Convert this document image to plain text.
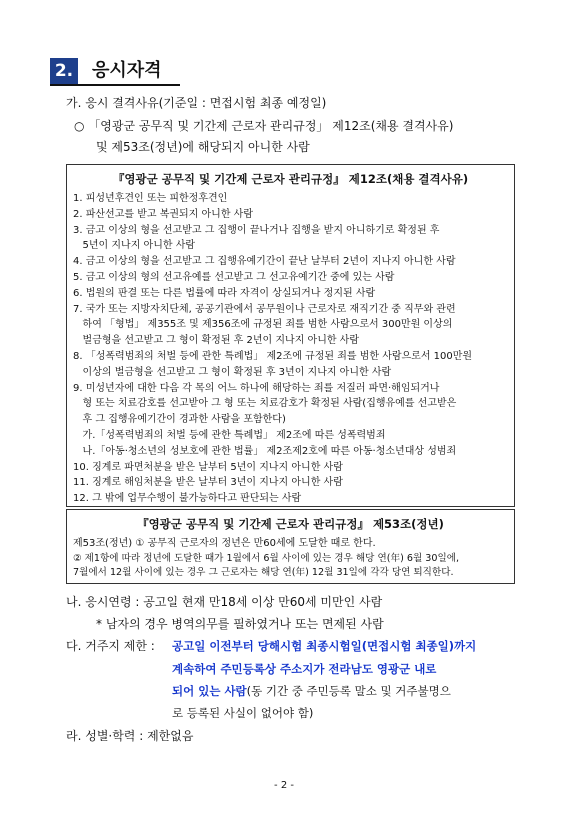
2. 응시자격
가. 응시 결격사유(기준일 : 면접시험 최종 예정일)
○ 「영광군 공무직 및 기간제 근로자 관리규정」 제12조(채용 결격사유)
및 제53조(정년)에 해당되지 아니한 사람
『영광군 공무직 및 기간제 근로자 관리규정』 제12조(채용 결격사유)
1. 피성년후견인 또는 피한정후견인
2. 파산선고를 받고 복권되지 아니한 사람
3. 금고 이상의 형을 선고받고 그 집행이 끝나거나 집행을 받지 아니하기로 확정된 후
5년이 지나지 아니한 사람
4. 금고 이상의 형을 선고받고 그 집행유예기간이 끝난 날부터 2년이 지나지 아니한 사람
5. 금고 이상의 형의 선고유예를 선고받고 그 선고유예기간 중에 있는 사람
6. 법원의 판결 또는 다른 법률에 따라 자격이 상실되거나 정지된 사람
7. 국가 또는 지방자치단체, 공공기관에서 공무원이나 근로자로 재직기간 중 직무와 관련
하여 「형법」 제355조 및 제356조에 규정된 죄를 범한 사람으로서 300만원 이상의
벌금형을 선고받고 그 형이 확정된 후 2년이 지나지 아니한 사람
8. 「성폭력범죄의 처벌 등에 관한 특례법」 제2조에 규정된 죄를 범한 사람으로서 100만원
이상의 벌금형을 선고받고 그 형이 확정된 후 3년이 지나지 아니한 사람
9. 미성년자에 대한 다음 각 목의 어느 하나에 해당하는 죄를 저질러 파면·해임되거나
형 또는 치료감호를 선고받아 그 형 또는 치료감호가 확정된 사람(집행유예를 선고받은
후 그 집행유예기간이 경과한 사람을 포함한다)
가.「성폭력범죄의 처벌 등에 관한 특례법」 제2조에 따른 성폭력범죄
나.「아동·청소년의 성보호에 관한 법률」 제2조제2호에 따른 아동·청소년대상 성범죄
10. 징계로 파면처분을 받은 날부터 5년이 지나지 아니한 사람
11. 징계로 해임처분을 받은 날부터 3년이 지나지 아니한 사람
12. 그 밖에 업무수행이 불가능하다고 판단되는 사람
『영광군 공무직 및 기간제 근로자 관리규정』 제53조(정년)
제53조(정년) ① 공무직 근로자의 정년은 만60세에 도달한 때로 한다.
② 제1항에 따라 정년에 도달한 때가 1월에서 6월 사이에 있는 경우 해당 연(年) 6월 30일에,
7월에서 12월 사이에 있는 경우 그 근로자는 해당 연(年) 12월 31일에 각각 당연 퇴직한다.
나. 응시연령 : 공고일 현재 만18세 이상 만60세 미만인 사람
* 남자의 경우 병역의무를 필하였거나 또는 면제된 사람
다. 거주지 제한 : 공고일 이전부터 당해시험 최종시험일(면접시험 최종일)까지
계속하여 주민등록상 주소지가 전라남도 영광군 내로
되어 있는 사람(동 기간 중 주민등록 말소 및 거주불명으
로 등록된 사실이 없어야 함)
라. 성별·학력 : 제한없음
- 2 -
